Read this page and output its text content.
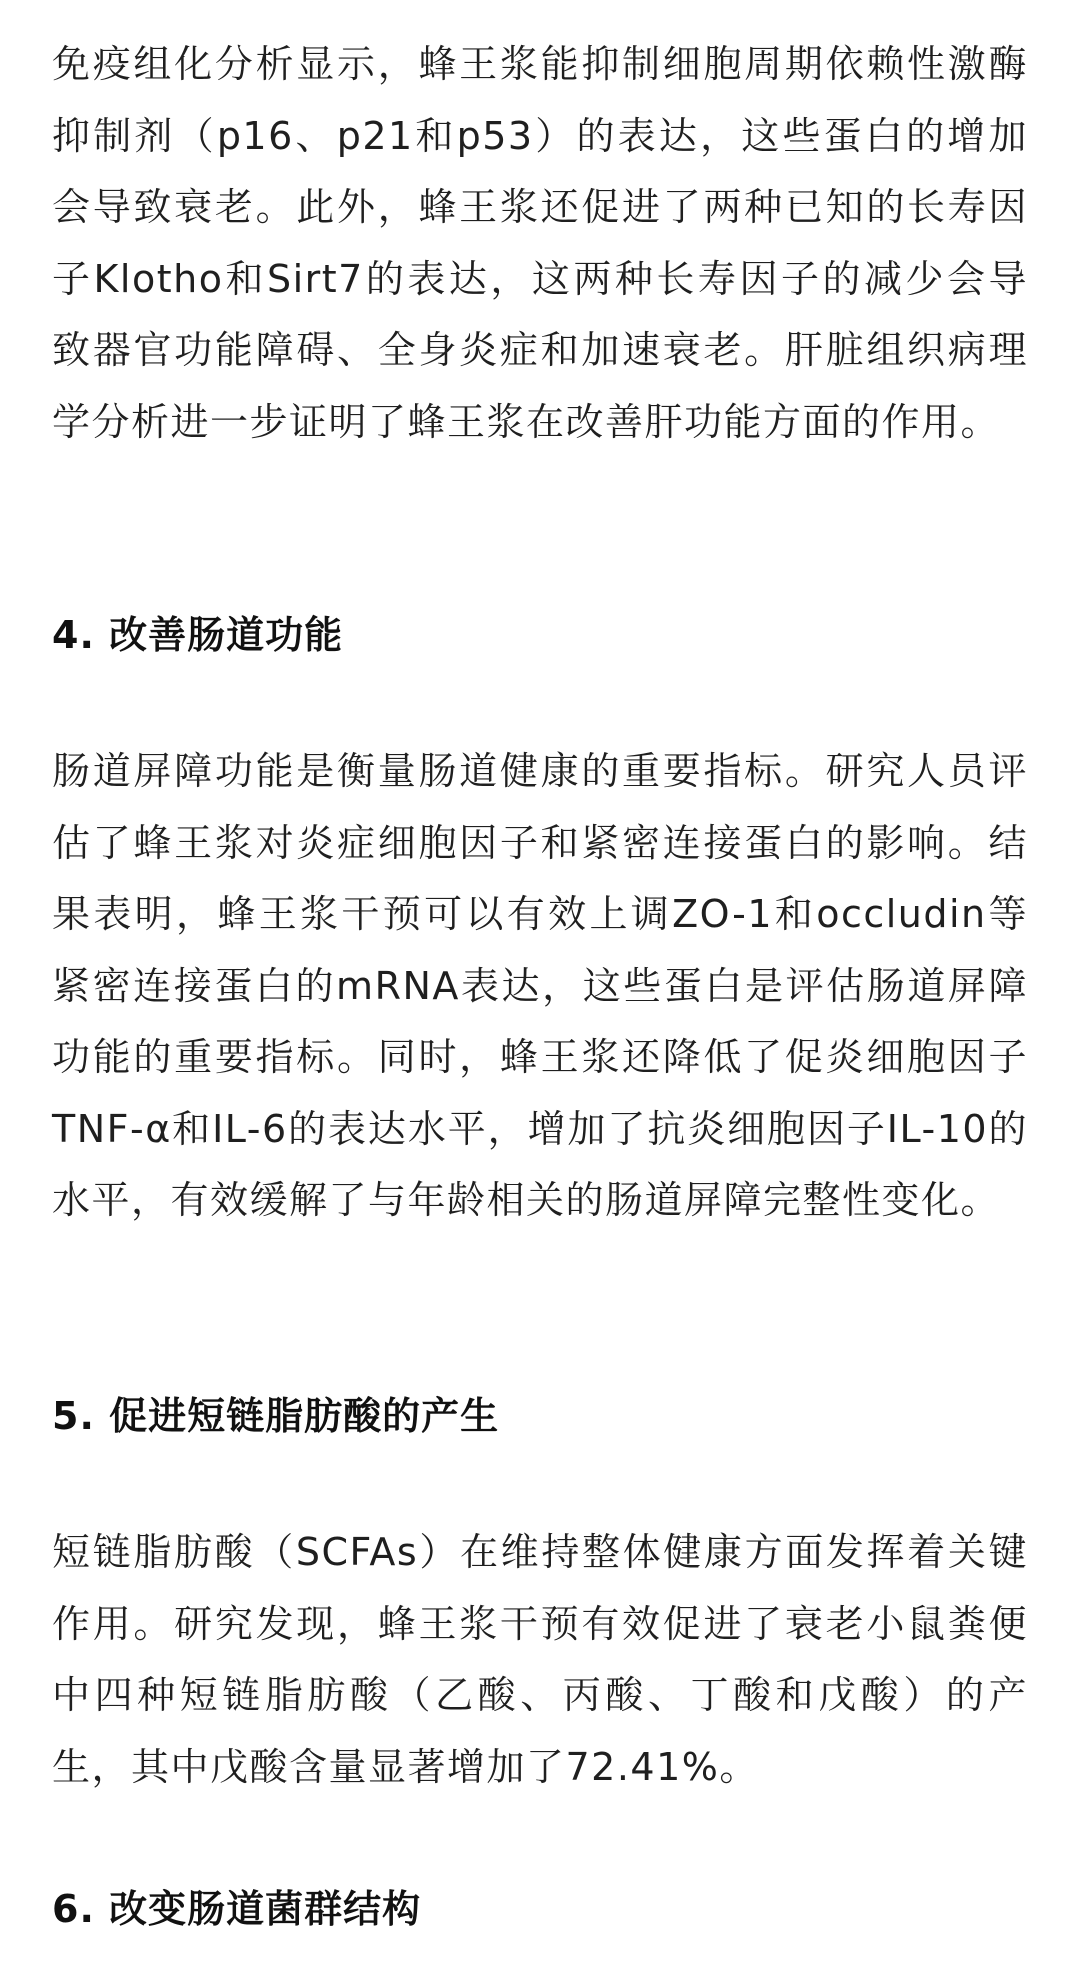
免疫组化分析显示，蜂王浆能抑制细胞周期依赖性激酶抑制剂（p16、p21和p53）的表达，这些蛋白的增加会导致衰老。此外，蜂王浆还促进了两种已知的长寿因子Klotho和Sirt7的表达，这两种长寿因子的减少会导致器官功能障碍、全身炎症和加速衰老。肝脏组织病理学分析进一步证明了蜂王浆在改善肝功能方面的作用。

4. 改善肠道功能

肠道屏障功能是衡量肠道健康的重要指标。研究人员评估了蜂王浆对炎症细胞因子和紧密连接蛋白的影响。结果表明，蜂王浆干预可以有效上调ZO-1和occludin等紧密连接蛋白的mRNA表达，这些蛋白是评估肠道屏障功能的重要指标。同时，蜂王浆还降低了促炎细胞因子TNF-α和IL-6的表达水平，增加了抗炎细胞因子IL-10的水平，有效缓解了与年龄相关的肠道屏障完整性变化。

5. 促进短链脂肪酸的产生

短链脂肪酸（SCFAs）在维持整体健康方面发挥着关键作用。研究发现，蜂王浆干预有效促进了衰老小鼠粪便中四种短链脂肪酸（乙酸、丙酸、丁酸和戊酸）的产生，其中戊酸含量显著增加了72.41%。

6. 改变肠道菌群结构
